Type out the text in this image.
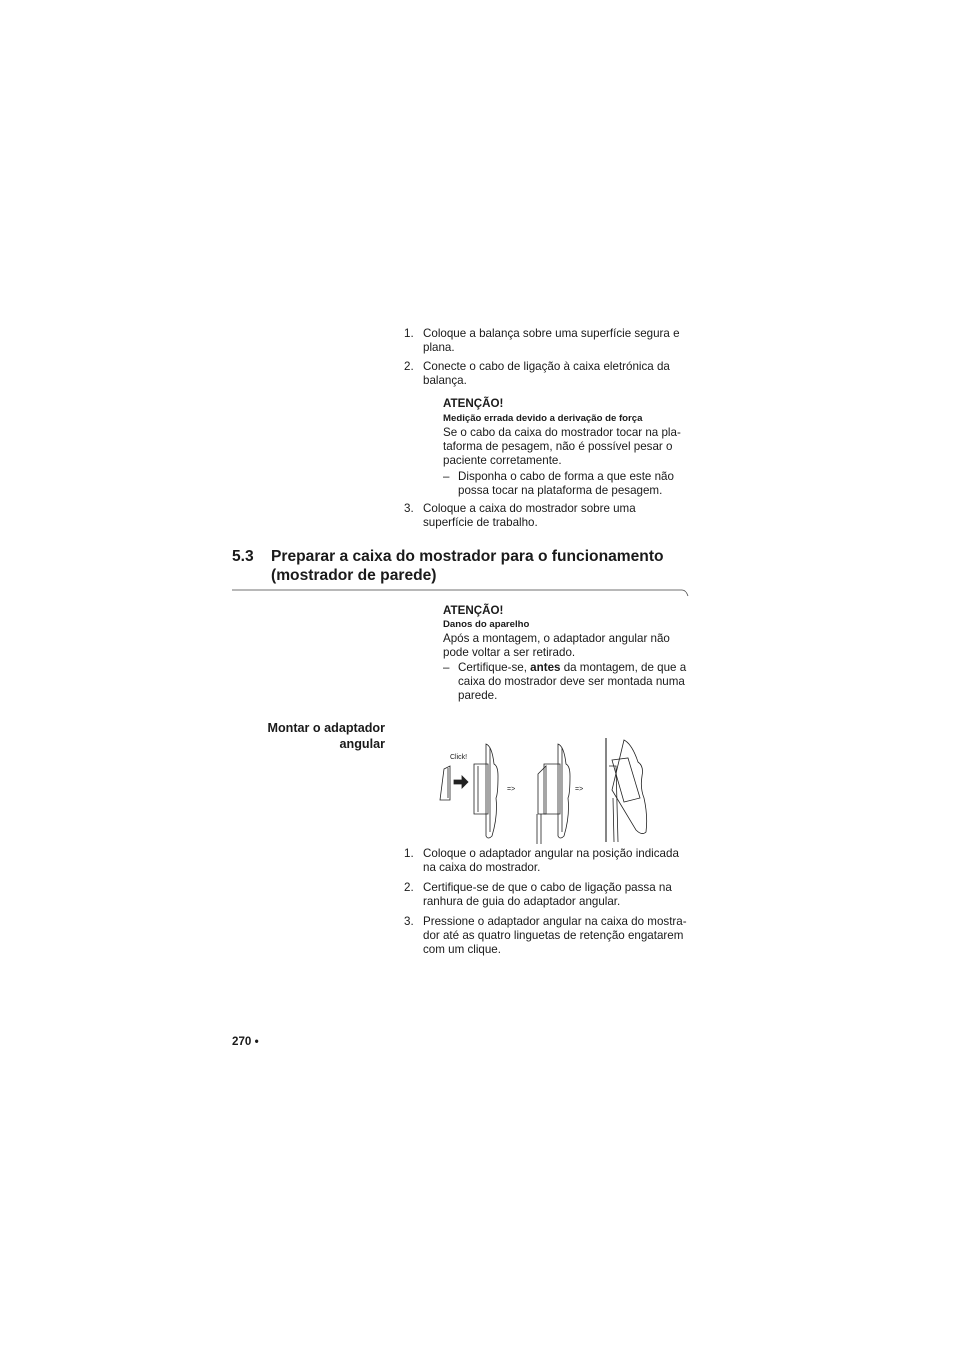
1. Coloque a balança sobre uma superfície segura e
plana.
2. Conecte o cabo de ligação à caixa eletrónica da
balança.
ATENÇÃO!
Medição errada devido a derivação de força
Se o cabo da caixa do mostrador tocar na pla-
taforma de pesagem, não é possível pesar o
paciente corretamente.
– Disponha o cabo de forma a que este não
possa tocar na plataforma de pesagem.
3. Coloque a caixa do mostrador sobre uma
superfície de trabalho.
5.3 Preparar a caixa do mostrador para o funcionamento
(mostrador de parede)
ATENÇÃO!
Danos do aparelho
Após a montagem, o adaptador angular não
pode voltar a ser retirado.
– Certifique-se, antes da montagem, de que a
caixa do mostrador deve ser montada numa
parede.
Montar o adaptador
angular
Click!
=>	=>
1. Coloque o adaptador angular na posição indicada
na caixa do mostrador.
2. Certifique-se de que o cabo de ligação passa na
ranhura de guia do adaptador angular.
3. Pressione o adaptador angular na caixa do mostra-
dor até as quatro linguetas de retenção engatarem
com um clique.
270 •
